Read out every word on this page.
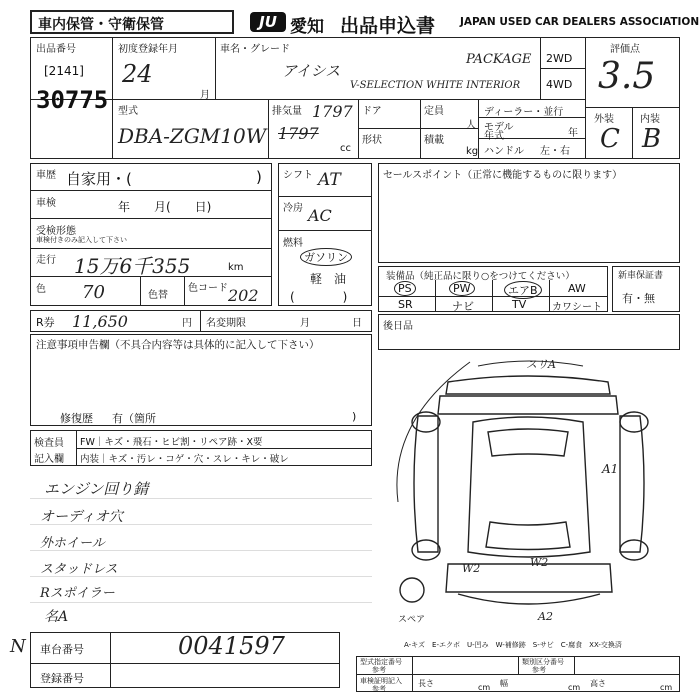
車内保管・守衛保管	JU 愛知 出品申込書 JAPAN USED CAR DEALERS ASSOCIATION
出品番号
[2141]
30775
初度登録年月
24
月
車名・グレード
アイシス
PACKAGE
V-SELECTION WHITE INTERIOR
2WD
4WD
評価点
3.5
外装	内装
C B
型式
DBA-ZGM10W
排気量 1797
1797
cc
ドア
形状
定員
人
積載
kg
ディーラー・並行
モデル
年式	年
ハンドル 左・右
車歴 自家用・(	)
車検	年　　月(　　日)
受検形態
車検付きのみ記入して下さい
走行 15万6千355	km
色 70	色替
色コード 202
シフト AT
冷房 AC
燃料
ガソリン
軽　油
(　　　　)
セールスポイント（正常に機能するものに限ります）
装備品（純正品に限り○をつけてください）
PS	PW	エアB	AW
SR	ナビ	TV	カワシート
新車保証書
有・無
R券 11,650	円 名変期限	月	日 後日品
注意事項申告欄（不具合内容等は具体的に記入して下さい）
修復歴 有（箇所	)
検査員
記入欄
FW｜キズ・飛石・ヒビ割・リペア跡・X要
内装｜キズ・汚レ・コゲ・穴・スレ・キレ・破レ
エンジン回り錆
オーディオ穴
外ホイール
スタッドレス
Rスポイラー
名A
スリA
A1
W2	W2
A2
スペア
A-キズ　E-エクボ　U-凹み　W-補修跡　S-サビ　C-腐食　XX-交換済
N 車台番号	0041597
登録番号
型式指定番号
参考
類別区分番号
参考
車検証明記入
参考
長さ	cm 幅	cm 高さ	cm
